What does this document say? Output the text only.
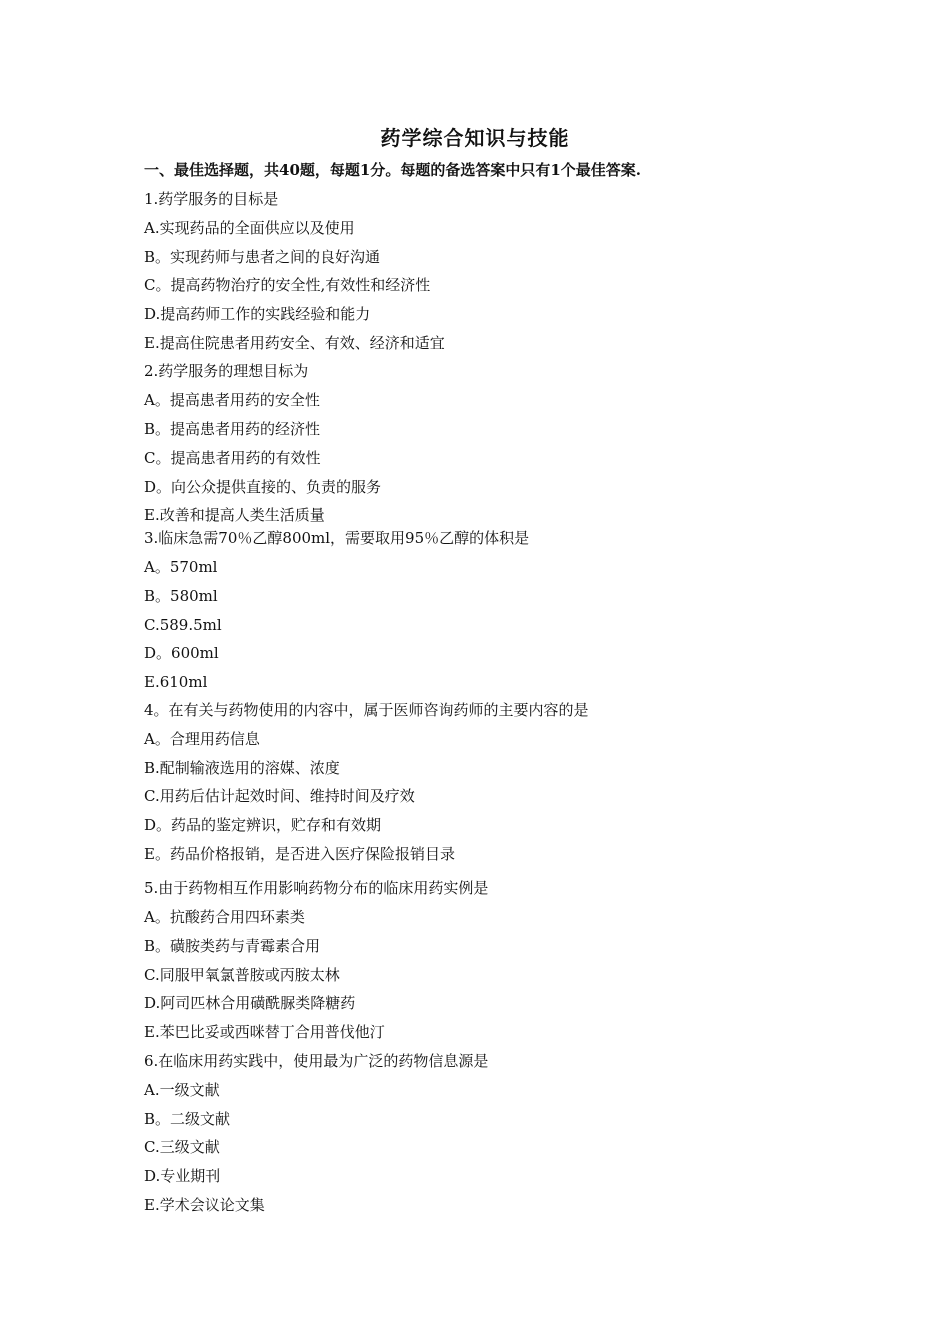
药学综合知识与技能
一、最佳选择题，共40题，每题1分。每题的备选答案中只有1个最佳答案.
1.药学服务的目标是
A.实现药品的全面供应以及使用
B。实现药师与患者之间的良好沟通
C。提高药物治疗的安全性,有效性和经济性
D.提高药师工作的实践经验和能力
E.提高住院患者用药安全、有效、经济和适宜
2.药学服务的理想目标为
A。提高患者用药的安全性
B。提高患者用药的经济性
C。提高患者用药的有效性
D。向公众提供直接的、负责的服务
E.改善和提高人类生活质量
3.临床急需70％乙醇800ml，需要取用95％乙醇的体积是
A。570ml
B。580ml
C.589.5ml
D。600ml
E.610ml
4。在有关与药物使用的内容中，属于医师咨询药师的主要内容的是
A。合理用药信息
B.配制输液选用的溶媒、浓度
C.用药后估计起效时间、维持时间及疗效
D。药品的鉴定辨识，贮存和有效期
E。药品价格报销，是否进入医疗保险报销目录
5.由于药物相互作用影响药物分布的临床用药实例是
A。抗酸药合用四环素类
B。磺胺类药与青霉素合用
C.同服甲氧氯普胺或丙胺太林
D.阿司匹林合用磺酰脲类降糖药
E.苯巴比妥或西咪替丁合用普伐他汀
6.在临床用药实践中，使用最为广泛的药物信息源是
A.一级文献
B。二级文献
C.三级文献
D.专业期刊
E.学术会议论文集
